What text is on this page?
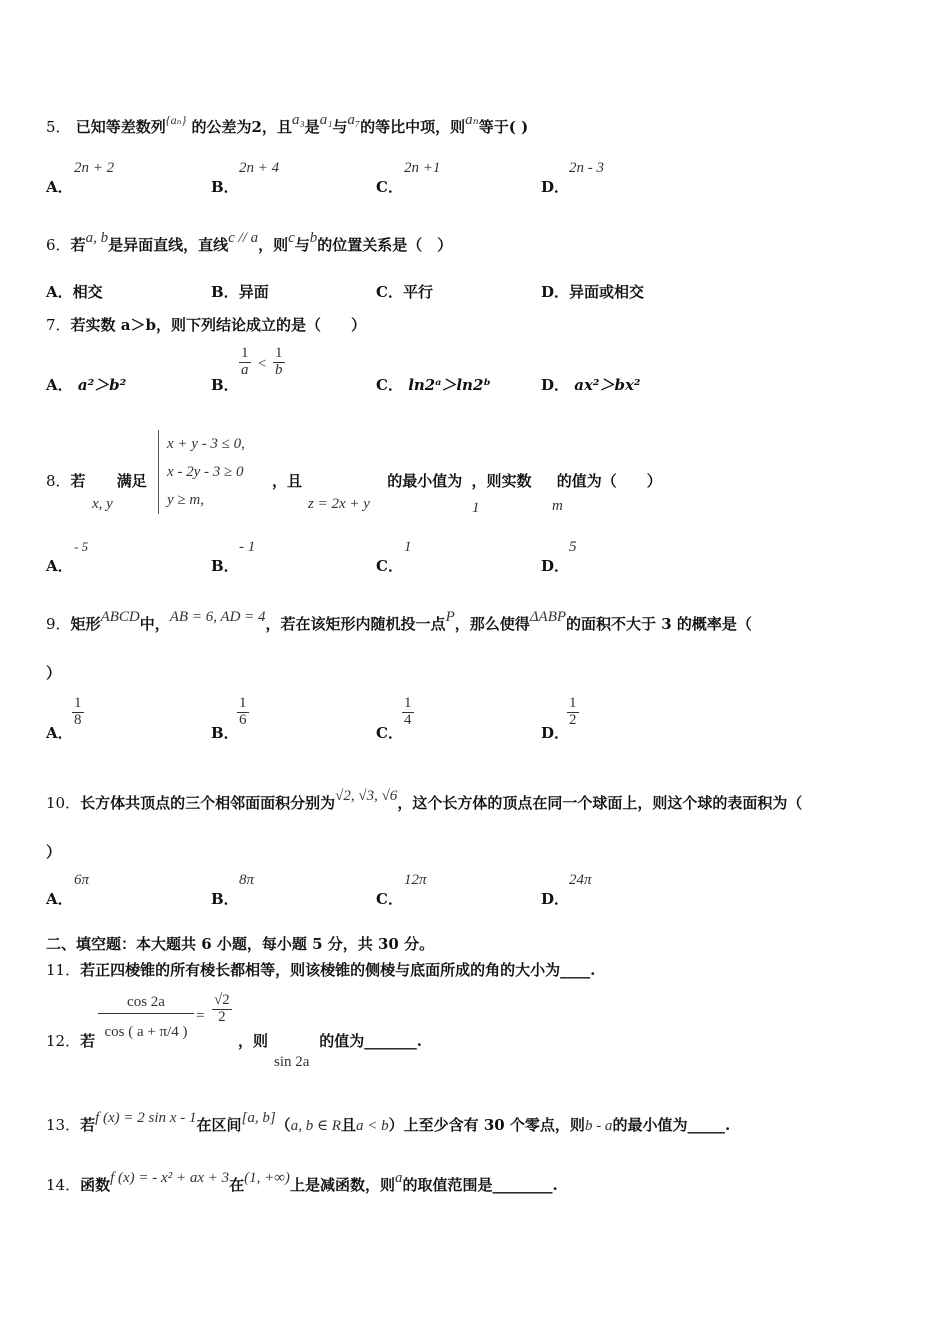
5． 已知等差数列$^{\{a_n\}}$ 的公差为2，且a₃是a₁与a₇的等比中项，则aₙ等于( )
A．
2n + 2
B．
2n + 4
C．
2n +1
D．
2n - 3
6．若a, b是异面直线，直线c // a，则c与b的位置关系是（　）
A．相交	B．异面	C．平行	D．异面或相交
7．若实数 a＞b，则下列结论成立的是（　　）
A． a²＞b²	B．
$\frac{1}{a} < \frac{1}{b}$
C． ln2ᵃ＞ln2ᵇ	D． ax²＞bx²
8．若
x, y
满足
x + y - 3 ≤ 0,
x - 2y - 3 ≥ 0
y ≥ m,
，且
z = 2x + y
的最小值为
1
，则实数
m
的值为（　　）
A．
- 5
B．
- 1
C．
1
D．
5
9．矩形ABCD中，AB = 6, AD = 4，若在该矩形内随机投一点P，那么使得ΔABP的面积不大于 3 的概率是（
）
A．
$\frac{1}{8}$
B．
$\frac{1}{6}$
C．
$\frac{1}{4}$
D．
$\frac{1}{2}$
10．长方体共顶点的三个相邻面面积分别为√2, √3, √6，这个长方体的顶点在同一个球面上，则这个球的表面积为（
）
A．
6π
B．
8π
C．
12π
D．
24π
二、填空题：本大题共 6 小题，每小题 5 分，共 30 分。
11．若正四棱锥的所有棱长都相等，则该棱锥的侧棱与底面所成的角的大小为____.
12．若
cos 2a
cos ( a + π/4 )
= $\frac{√2}{2}$
，则
sin 2a
的值为_______.
13．若f (x) = 2 sin x - 1在区间[a, b]（a, b ∈ R且a < b）上至少含有 30 个零点，则b - a的最小值为_____.
14．函数f (x) = - x² + ax + 3在(1, +∞)上是减函数，则a的取值范围是________.
